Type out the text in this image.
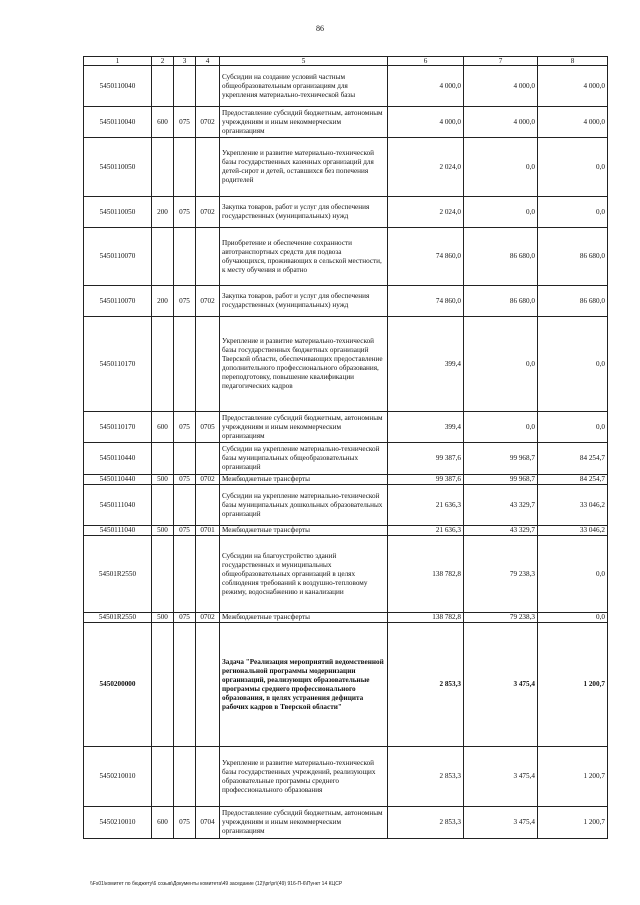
86
1	2	3	4	5	6	7	8
5450110040				Субсидии на создание условий частным общеобразовательным организациям для укрепления материально-технической базы	4 000,0	4 000,0	4 000,0
5450110040	600	075	0702	Предоставление субсидий бюджетным, автономным учреждениям и иным некоммерческим организациям	4 000,0	4 000,0	4 000,0
5450110050				Укрепление и развитие материально-технической базы государственных казенных организаций для детей-сирот и детей, оставшихся без попечения родителей	2 024,0	0,0	0,0
5450110050	200	075	0702	Закупка товаров, работ и услуг для обеспечения государственных (муниципальных) нужд	2 024,0	0,0	0,0
5450110070				Приобретение и обеспечение сохранности автотранспортных средств для подвоза обучающихся, проживающих в сельской местности, к месту обучения и обратно	74 860,0	86 680,0	86 680,0
5450110070	200	075	0702	Закупка товаров, работ и услуг для обеспечения государственных (муниципальных) нужд	74 860,0	86 680,0	86 680,0
5450110170				Укрепление и развитие материально-технической базы государственных бюджетных организаций Тверской области, обеспечивающих предоставление дополнительного профессионального образования, переподготовку, повышение квалификации педагогических кадров	399,4	0,0	0,0
5450110170	600	075	0705	Предоставление субсидий бюджетным, автономным учреждениям и иным некоммерческим организациям	399,4	0,0	0,0
5450110440				Субсидии на укрепление материально-технической базы муниципальных общеобразовательных организаций	99 387,6	99 968,7	84 254,7
5450110440	500	075	0702	Межбюджетные трансферты	99 387,6	99 968,7	84 254,7
5450111040				Субсидии на укрепление материально-технической базы муниципальных дошкольных образовательных организаций	21 636,3	43 329,7	33 046,2
5450111040	500	075	0701	Межбюджетные трансферты	21 636,3	43 329,7	33 046,2
54501R2550				Субсидии на благоустройство зданий государственных и муниципальных общеобразовательных организаций в целях соблюдения требований к воздушно-тепловому режиму, водоснабжению и канализации	138 782,8	79 238,3	0,0
54501R2550	500	075	0702	Межбюджетные трансферты	138 782,8	79 238,3	0,0
5450200000				Задача "Реализация мероприятий ведомственной региональной программы модернизации организаций, реализующих образовательные программы среднего профессионального образования, в целях устранения дефицита рабочих кадров в Тверской области"	2 853,3	3 475,4	1 200,7
5450210010				Укрепление и развитие материально-технической базы государственных учреждений, реализующих образовательные программы среднего профессионального образования	2 853,3	3 475,4	1 200,7
5450210010	600	075	0704	Предоставление субсидий бюджетным, автономным учреждениям и иным некоммерческим организациям	2 853,3	3 475,4	1 200,7
\\Fs01\комитет по бюджету\6 созыв\Документы комитета\49 заседание (12)\pr\pr\(49) 916-П-6\Пункт 14 КЦСР
